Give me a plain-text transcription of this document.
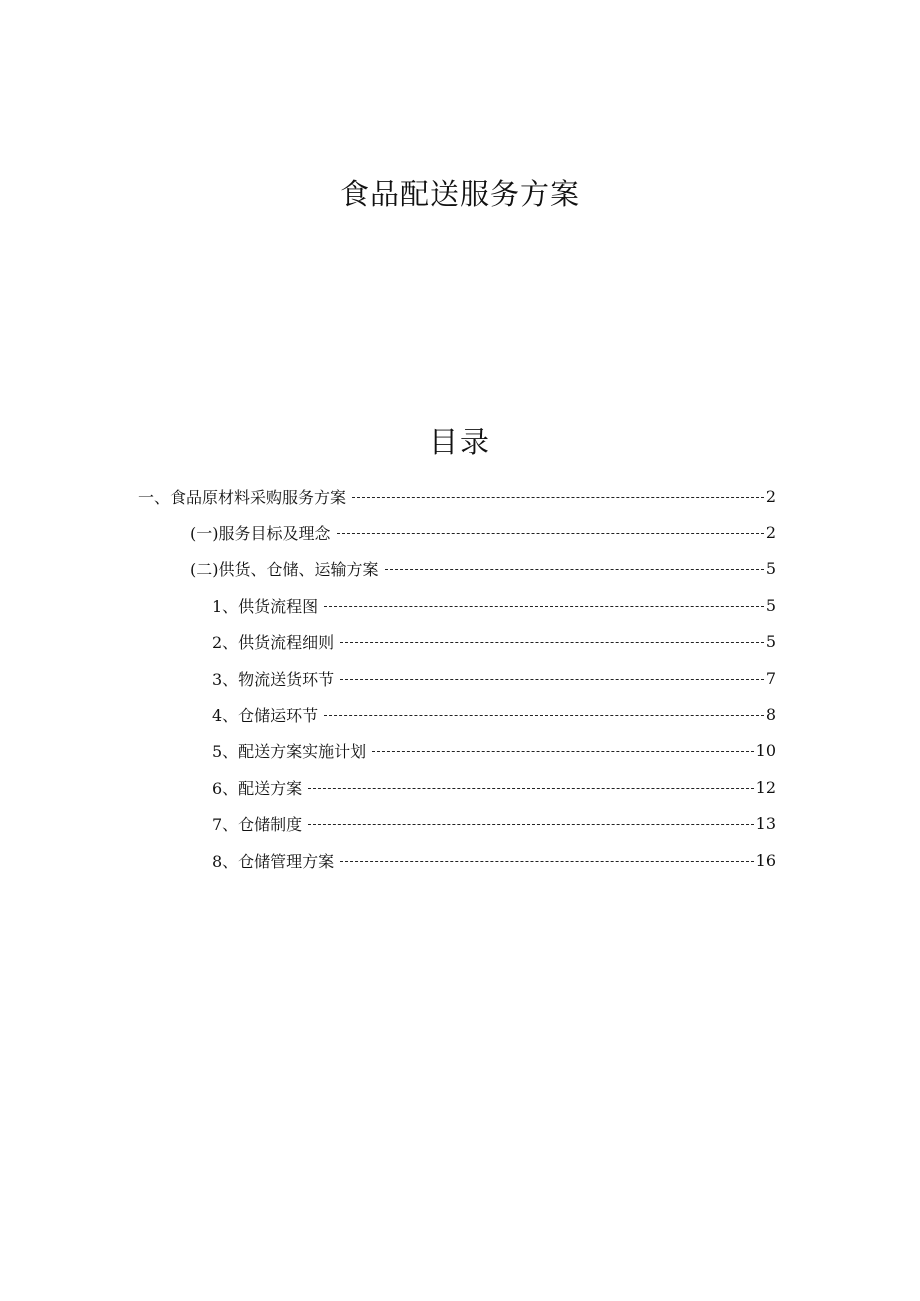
食品配送服务方案
目录
一、食品原材料采购服务方案	2
(一)服务目标及理念	2
(二)供货、仓储、运输方案	5
1、供货流程图	5
2、供货流程细则	5
3、物流送货环节	7
4、仓储运环节	8
5、配送方案实施计划	10
6、配送方案	12
7、仓储制度	13
8、仓储管理方案	16
